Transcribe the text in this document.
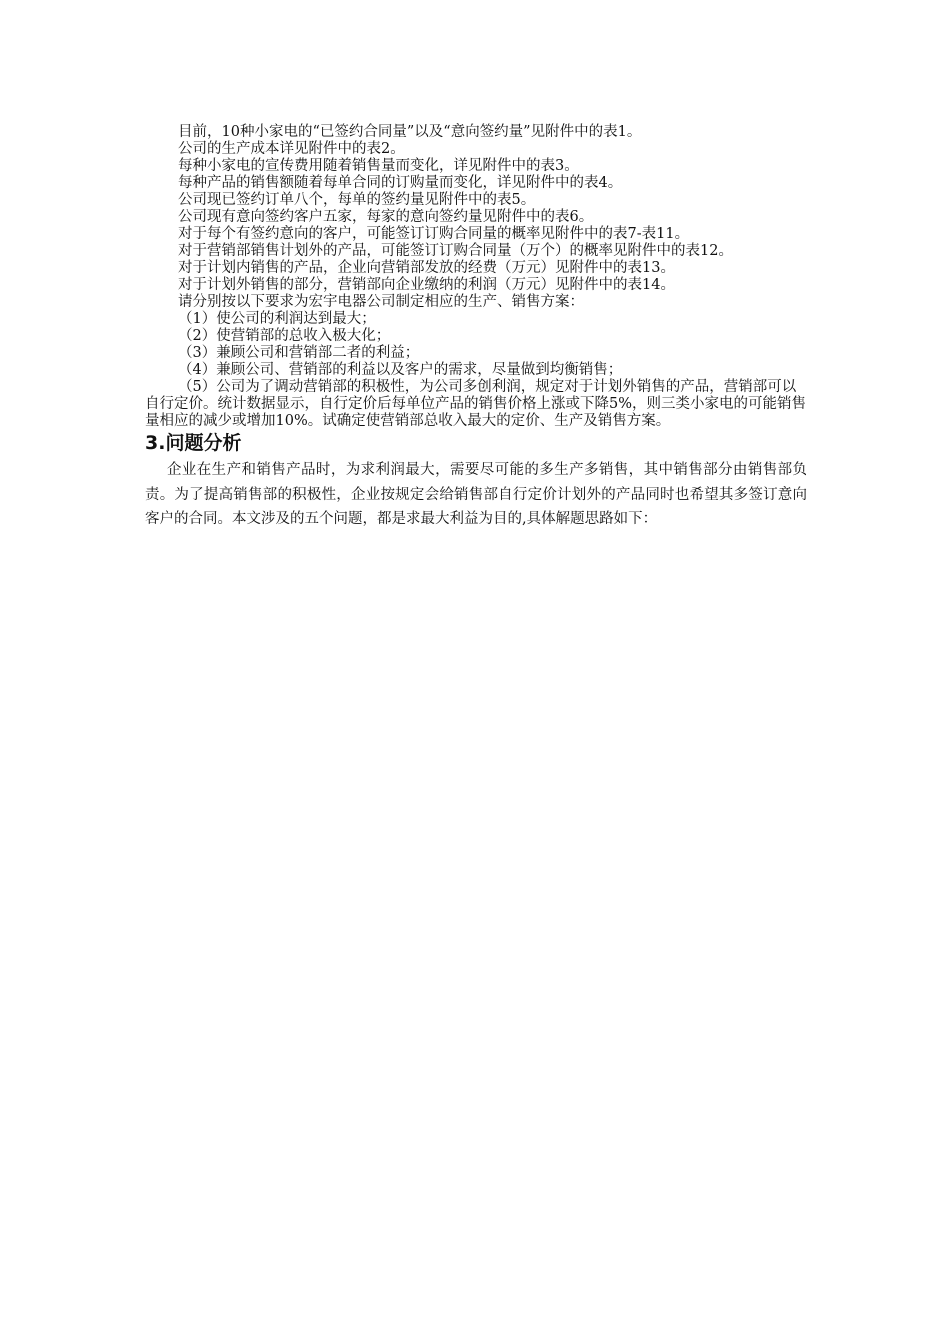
目前，10种小家电的“已签约合同量”以及“意向签约量”见附件中的表1。

公司的生产成本详见附件中的表2。

每种小家电的宣传费用随着销售量而变化，详见附件中的表3。

每种产品的销售额随着每单合同的订购量而变化，详见附件中的表4。

公司现已签约订单八个，每单的签约量见附件中的表5。

公司现有意向签约客户五家，每家的意向签约量见附件中的表6。

对于每个有签约意向的客户，可能签订订购合同量的概率见附件中的表7-表11。

对于营销部销售计划外的产品，可能签订订购合同量（万个）的概率见附件中的表12。

对于计划内销售的产品，企业向营销部发放的经费（万元）见附件中的表13。

对于计划外销售的部分，营销部向企业缴纳的利润（万元）见附件中的表14。

请分别按以下要求为宏宇电器公司制定相应的生产、销售方案：

（1）使公司的利润达到最大；

（2）使营销部的总收入极大化；

（3）兼顾公司和营销部二者的利益；

（4）兼顾公司、营销部的利益以及客户的需求，尽量做到均衡销售；

（5）公司为了调动营销部的积极性，为公司多创利润，规定对于计划外销售的产品，营销部可以自行定价。统计数据显示，自行定价后每单位产品的销售价格上涨或下降5%，则三类小家电的可能销售量相应的减少或增加10%。试确定使营销部总收入最大的定价、生产及销售方案。

3.问题分析

企业在生产和销售产品时，为求利润最大，需要尽可能的多生产多销售，其中销售部分由销售部负责。为了提高销售部的积极性，企业按规定会给销售部自行定价计划外的产品同时也希望其多签订意向客户的合同。本文涉及的五个问题，都是求最大利益为目的,具体解题思路如下：
